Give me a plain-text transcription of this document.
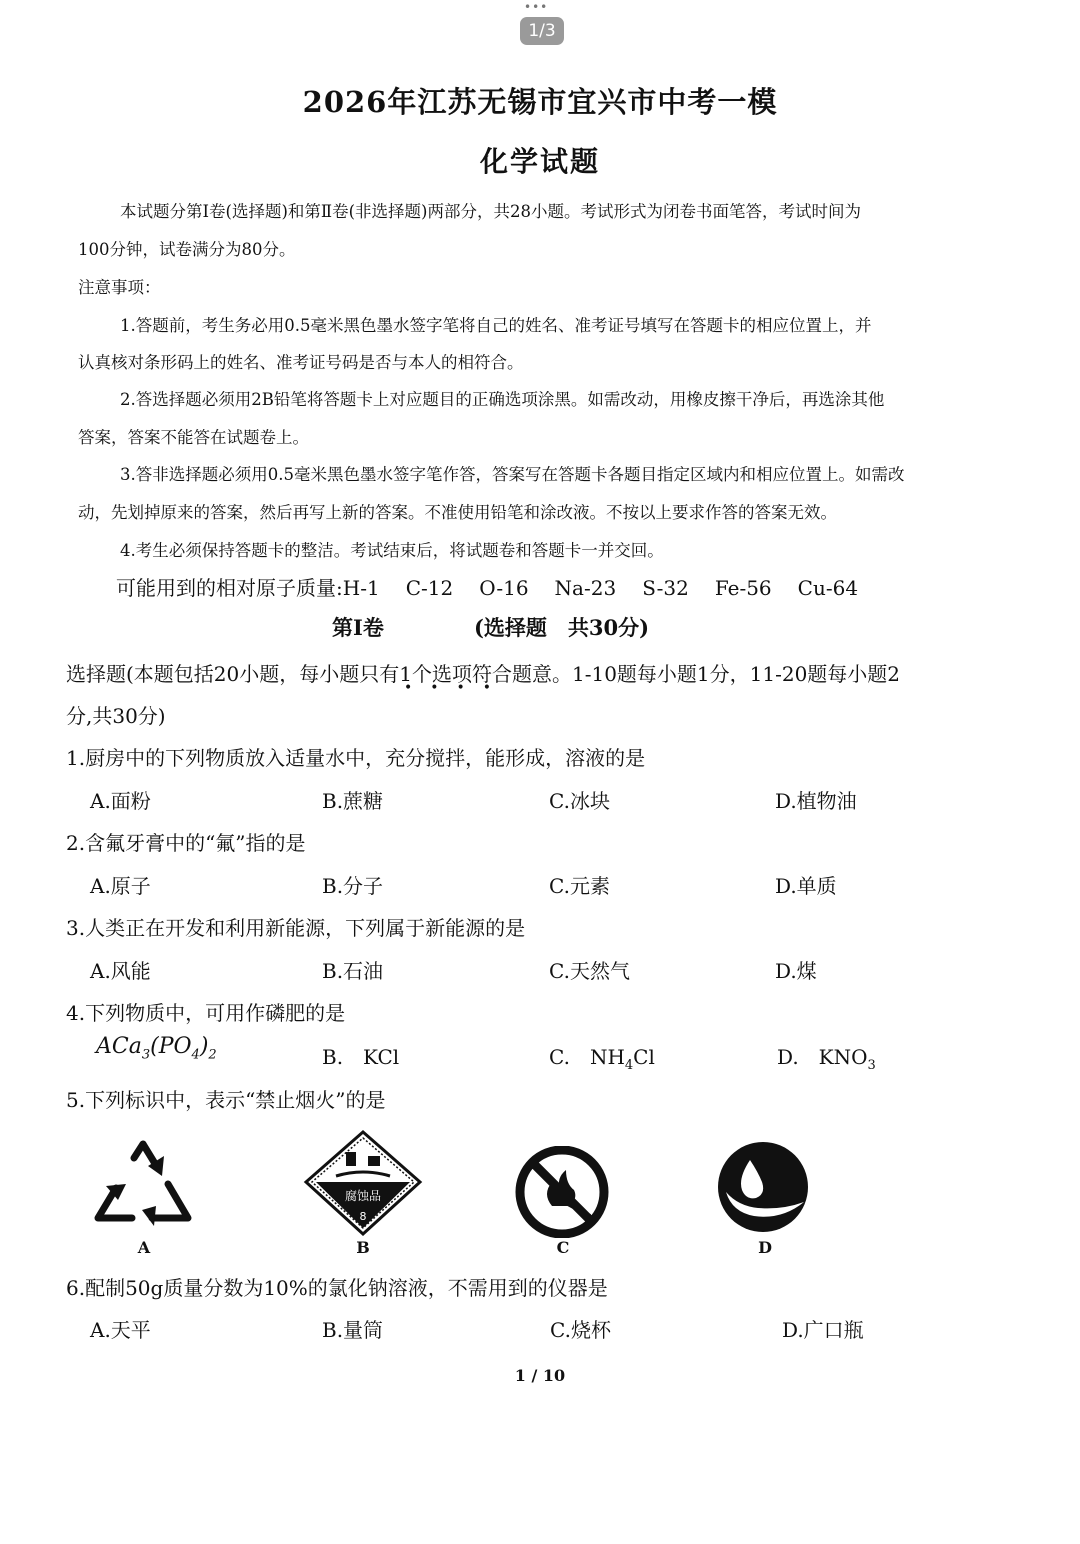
•••
1/3
2026年江苏无锡市宜兴市中考一模
化学试题
本试题分第Ⅰ卷(选择题)和第Ⅱ卷(非选择题)两部分，共28小题。考试形式为闭卷书面笔答，考试时间为
100分钟，试卷满分为80分。
注意事项：
1.答题前，考生务必用0.5毫米黑色墨水签字笔将自己的姓名、准考证号填写在答题卡的相应位置上，并
认真核对条形码上的姓名、准考证号码是否与本人的相符合。
2.答选择题必须用2B铅笔将答题卡上对应题目的正确选项涂黑。如需改动，用橡皮擦干净后，再选涂其他
答案，答案不能答在试题卷上。
3.答非选择题必须用0.5毫米黑色墨水签字笔作答，答案写在答题卡各题目指定区域内和相应位置上。如需改
动，先划掉原来的答案，然后再写上新的答案。不准使用铅笔和涂改液。不按以上要求作答的答案无效。
4.考生必须保持答题卡的整洁。考试结束后，将试题卷和答题卡一并交回。
可能用到的相对原子质量:H-1 C-12 O-16 Na-23 S-32 Fe-56 Cu-64
第Ⅰ卷	(选择题　共30分)
选择题(本题包括20小题，每小题只有1个选项符合题意。1-10题每小题1分，11-20题每小题2
••••
分,共30分)
1.厨房中的下列物质放入适量水中，充分搅拌，能形成，溶液的是
A.面粉	B.蔗糖	C.冰块	D.植物油
2.含氟牙膏中的“氟”指的是
A.原子	B.分子	C.元素	D.单质
3.人类正在开发和利用新能源，下列属于新能源的是
A.风能	B.石油	C.天然气	D.煤
4.下列物质中，可用作磷肥的是
$ACa_3(PO_4)_2$	B.　KCl	C.　$NH_4Cl$	D.　$KNO_3$
5.下列标识中，表示“禁止烟火”的是
A
腐蚀品
8
B	C	D
6.配制50g质量分数为10%的氯化钠溶液，不需用到的仪器是
A.天平	B.量筒	C.烧杯	D.广口瓶
1 / 10
